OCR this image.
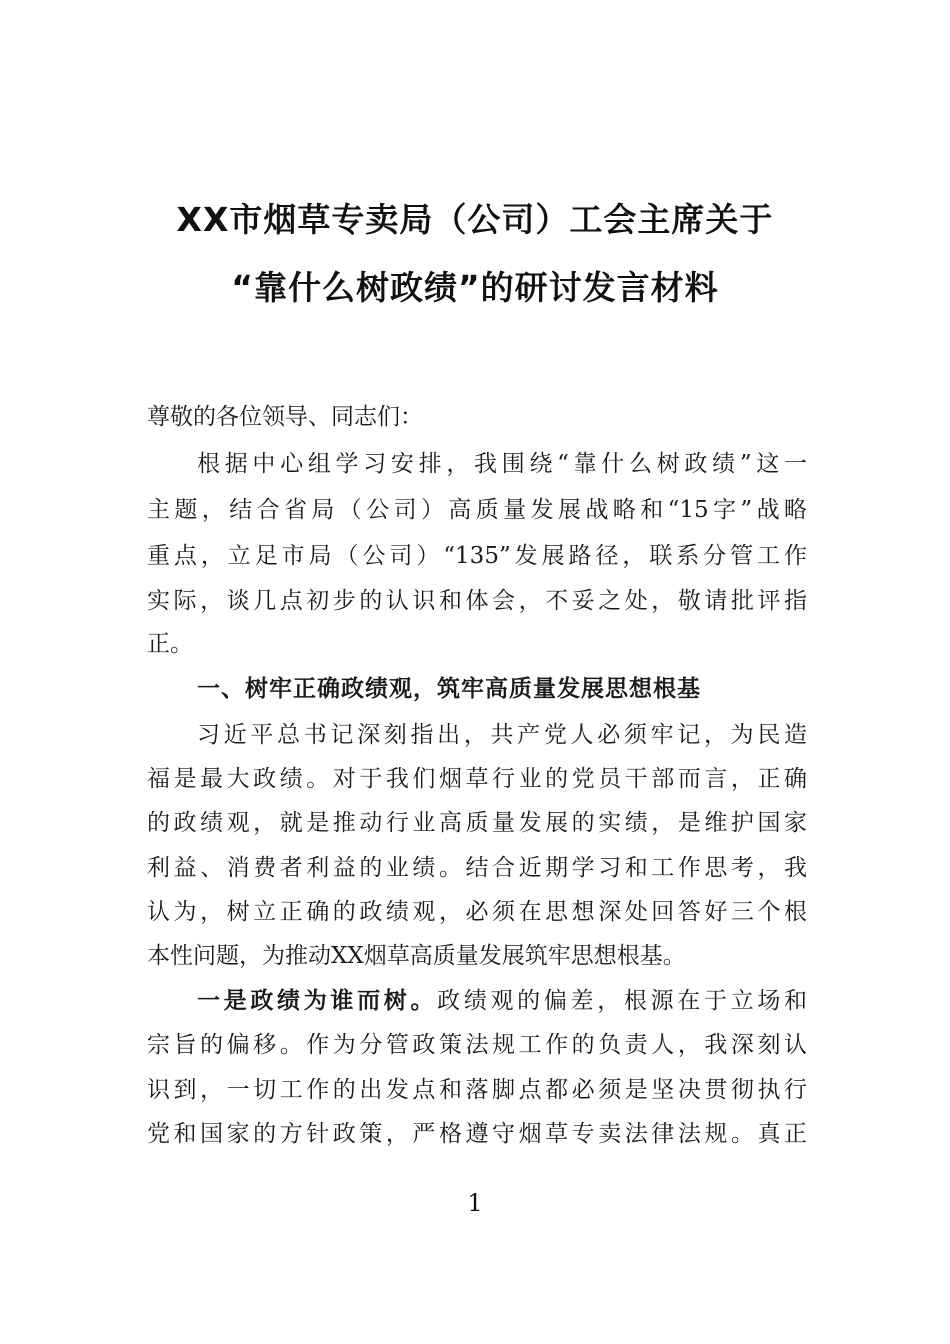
XX市烟草专卖局（公司）工会主席关于
“靠什么树政绩”的研讨发言材料
尊敬的各位领导、同志们：
根据中心组学习安排，我围绕“靠什么树政绩”这一
主题，结合省局（公司）高质量发展战略和“15字”战略
重点，立足市局（公司）“135”发展路径，联系分管工作
实际，谈几点初步的认识和体会，不妥之处，敬请批评指
正。
一、树牢正确政绩观，筑牢高质量发展思想根基
习近平总书记深刻指出，共产党人必须牢记，为民造
福是最大政绩。对于我们烟草行业的党员干部而言，正确
的政绩观，就是推动行业高质量发展的实绩，是维护国家
利益、消费者利益的业绩。结合近期学习和工作思考，我
认为，树立正确的政绩观，必须在思想深处回答好三个根
本性问题，为推动XX烟草高质量发展筑牢思想根基。
一是政绩为谁而树。政绩观的偏差，根源在于立场和
宗旨的偏移。作为分管政策法规工作的负责人，我深刻认
识到，一切工作的出发点和落脚点都必须是坚决贯彻执行
党和国家的方针政策，严格遵守烟草专卖法律法规。真正
1
